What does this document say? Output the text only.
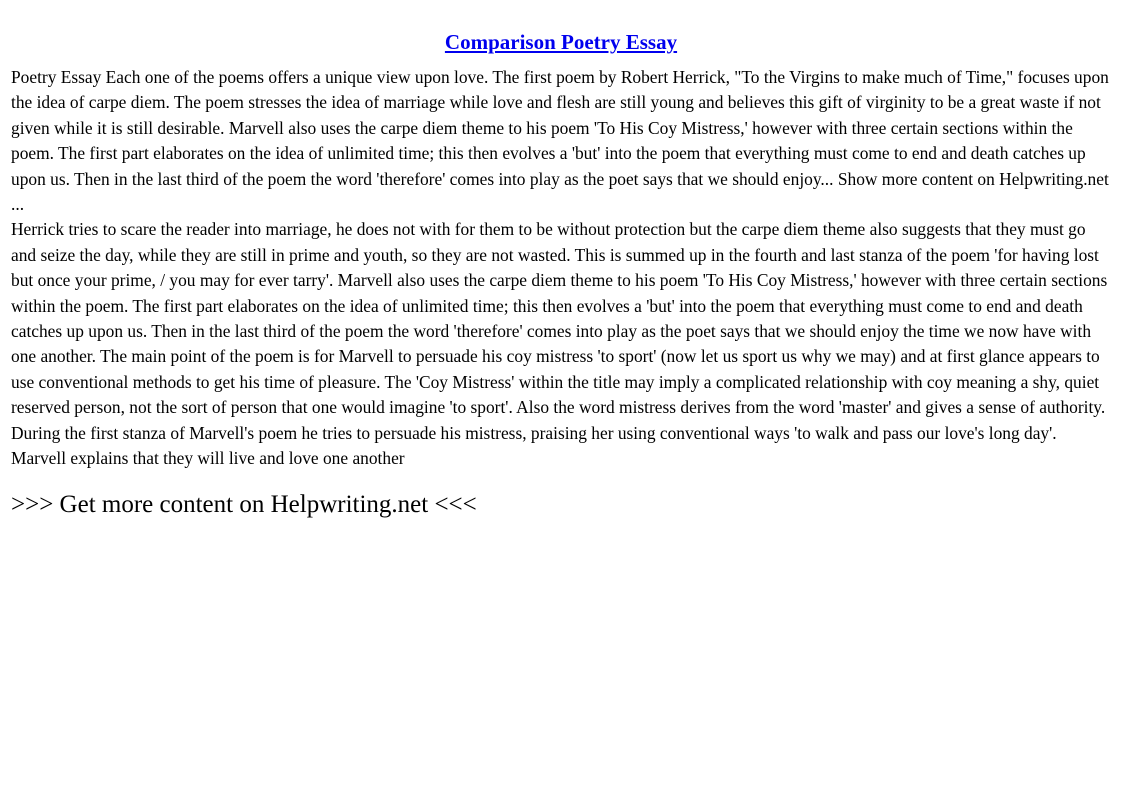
Comparison Poetry Essay

Poetry Essay Each one of the poems offers a unique view upon love. The first poem by Robert Herrick, "To the Virgins to make much of Time," focuses upon the idea of carpe diem. The poem stresses the idea of marriage while love and flesh are still young and believes this gift of virginity to be a great waste if not given while it is still desirable. Marvell also uses the carpe diem theme to his poem 'To His Coy Mistress,' however with three certain sections within the poem. The first part elaborates on the idea of unlimited time; this then evolves a 'but' into the poem that everything must come to end and death catches up upon us. Then in the last third of the poem the word 'therefore' comes into play as the poet says that we should enjoy... Show more content on Helpwriting.net ...

Herrick tries to scare the reader into marriage, he does not with for them to be without protection but the carpe diem theme also suggests that they must go and seize the day, while they are still in prime and youth, so they are not wasted. This is summed up in the fourth and last stanza of the poem 'for having lost but once your prime, / you may for ever tarry'. Marvell also uses the carpe diem theme to his poem 'To His Coy Mistress,' however with three certain sections within the poem. The first part elaborates on the idea of unlimited time; this then evolves a 'but' into the poem that everything must come to end and death catches up upon us. Then in the last third of the poem the word 'therefore' comes into play as the poet says that we should enjoy the time we now have with one another. The main point of the poem is for Marvell to persuade his coy mistress 'to sport' (now let us sport us why we may) and at first glance appears to use conventional methods to get his time of pleasure. The 'Coy Mistress' within the title may imply a complicated relationship with coy meaning a shy, quiet reserved person, not the sort of person that one would imagine 'to sport'. Also the word mistress derives from the word 'master' and gives a sense of authority. During the first stanza of Marvell's poem he tries to persuade his mistress, praising her using conventional ways 'to walk and pass our love's long day'. Marvell explains that they will live and love one another

>>> Get more content on Helpwriting.net <<<
